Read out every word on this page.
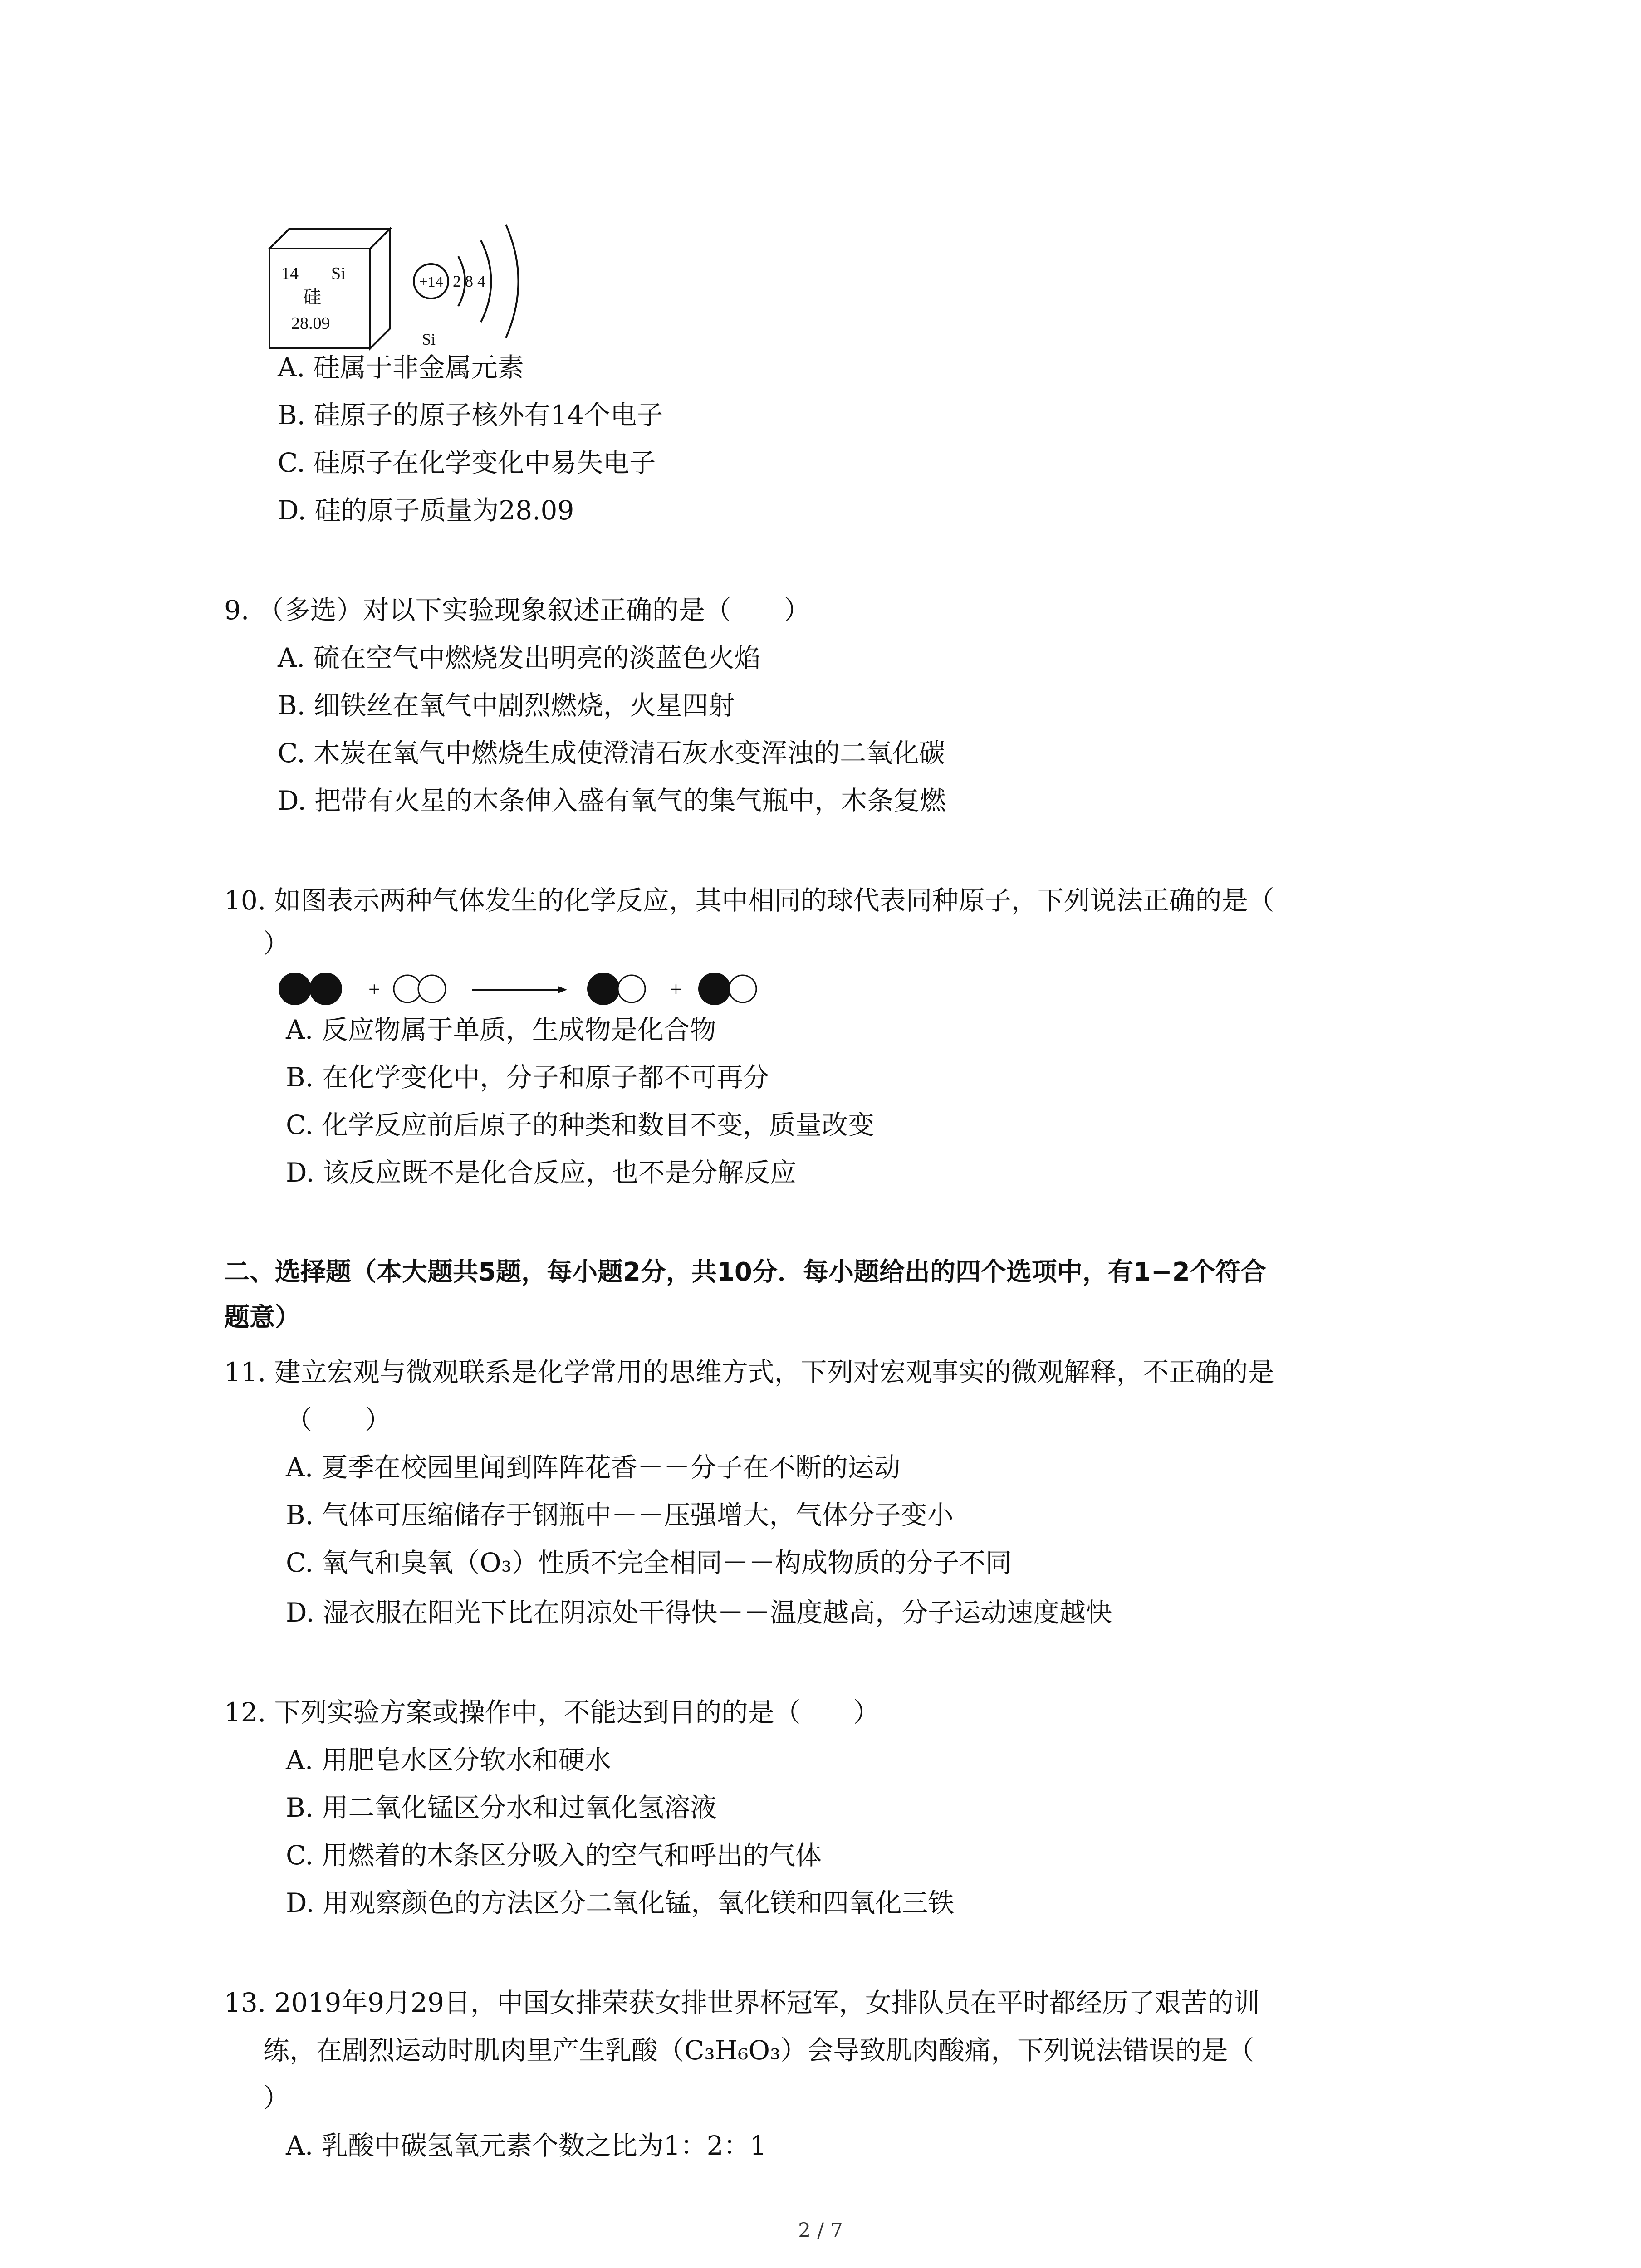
14 Si
硅
28.09
+14 2 8 4
Si
A. 硅属于非金属元素
B. 硅原子的原子核外有14个电子
C. 硅原子在化学变化中易失电子
D. 硅的原子质量为28.09
9. （多选）对以下实验现象叙述正确的是（　　）
A. 硫在空气中燃烧发出明亮的淡蓝色火焰
B. 细铁丝在氧气中剧烈燃烧，火星四射
C. 木炭在氧气中燃烧生成使澄清石灰水变浑浊的二氧化碳
D. 把带有火星的木条伸入盛有氧气的集气瓶中，木条复燃
10. 如图表示两种气体发生的化学反应，其中相同的球代表同种原子，下列说法正确的是（
）
+	+
A. 反应物属于单质，生成物是化合物
B. 在化学变化中，分子和原子都不可再分
C. 化学反应前后原子的种类和数目不变，质量改变
D. 该反应既不是化合反应，也不是分解反应
二、选择题（本大题共5题，每小题2分，共10分．每小题给出的四个选项中，有1−2个符合
题意）
11. 建立宏观与微观联系是化学常用的思维方式，下列对宏观事实的微观解释，不正确的是
（　　）
A. 夏季在校园里闻到阵阵花香－－分子在不断的运动
B. 气体可压缩储存于钢瓶中－－压强增大，气体分子变小
C. 氧气和臭氧（O₃）性质不完全相同－－构成物质的分子不同
D. 湿衣服在阳光下比在阴凉处干得快－－温度越高，分子运动速度越快
12. 下列实验方案或操作中，不能达到目的的是（　　）
A. 用肥皂水区分软水和硬水
B. 用二氧化锰区分水和过氧化氢溶液
C. 用燃着的木条区分吸入的空气和呼出的气体
D. 用观察颜色的方法区分二氧化锰，氧化镁和四氧化三铁
13. 2019年9月29日，中国女排荣获女排世界杯冠军，女排队员在平时都经历了艰苦的训
练，在剧烈运动时肌肉里产生乳酸（C₃H₆O₃）会导致肌肉酸痛，下列说法错误的是（
）
A. 乳酸中碳氢氧元素个数之比为1：2：1
2 / 7
